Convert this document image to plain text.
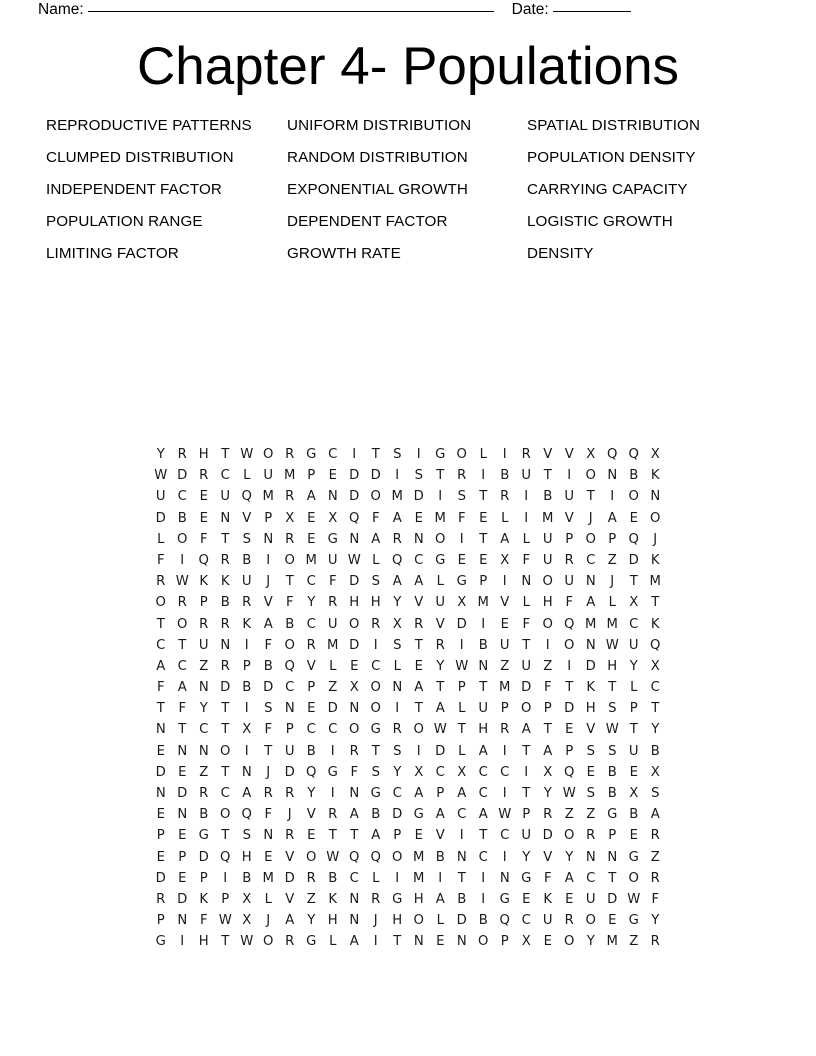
Name:	Date:
Chapter 4- Populations
REPRODUCTIVE PATTERNS	UNIFORM DISTRIBUTION	SPATIAL DISTRIBUTION
CLUMPED DISTRIBUTION	RANDOM DISTRIBUTION	POPULATION DENSITY
INDEPENDENT FACTOR	EXPONENTIAL GROWTH	CARRYING CAPACITY
POPULATION RANGE	DEPENDENT FACTOR	LOGISTIC GROWTH
LIMITING FACTOR	GROWTH RATE	DENSITY
Y R H T W O R G C	I	T	S	I	G O L	I	R V V X Q Q X
W D R C	L U M P	E D D	I	S	T R	I	B U T	I	O N B K
U C E U Q M R A N D O M D	I	S	T R	I	B U T	I	O N
D B E N V P X E X Q F A E M F	E	L	I	M V	J	A E O
L O F	T	S N R E G N A R N O	I	T A	L U P O P Q	J
F	I	Q R B	I	O M U W L Q C G E E X F U R C Z D K
R W K K U	J	T C F D S A A	L G P	I	N O U N	J	T M
O R P B R V F	Y R H H Y V U X M V	L H F A	L	X T
T O R R K A B C U O R X R V D	I	E	F O Q M M C K
C T U N	I	F O R M D	I	S	T R	I	B U T	I	O N W U Q
A C Z R P B Q V	L	E C	L	E	Y W N Z U Z	I	D H Y X
F A N D B D C P Z X O N A T	P	T M D F	T K T	L	C
T	F	Y	T	I	S N E D N O	I	T A	L U P O P D H S	P	T
N T C T X F	P C C O G R O W T H R A T	E V W T	Y
E N N O	I	T U B	I	R T	S	I	D L	A	I	T A P	S S U B
D E Z T N	J	D Q G F	S	Y X C X C C	I	X Q E B E X
N D R C A R R Y	I	N G C A P A C	I	T	Y W S B X S
E N B O Q F	J	V R A B D G A C A W P R Z Z G B A
P	E G T	S N R E	T	T A P	E V	I	T C U D O R P	E R
E	P D Q H E V O W Q Q O M B N C	I	Y V Y N N G Z
D E	P	I	B M D R B C	L	I	M	I	T	I	N G F A C T O R
R D K P X	L	V Z K N R G H A B	I	G E K E U D W F
P N F W X	J	A Y H N	J	H O L D B Q C U R O E G Y
G	I	H T W O R G L	A	I	T N E N O P X E O Y M Z R
